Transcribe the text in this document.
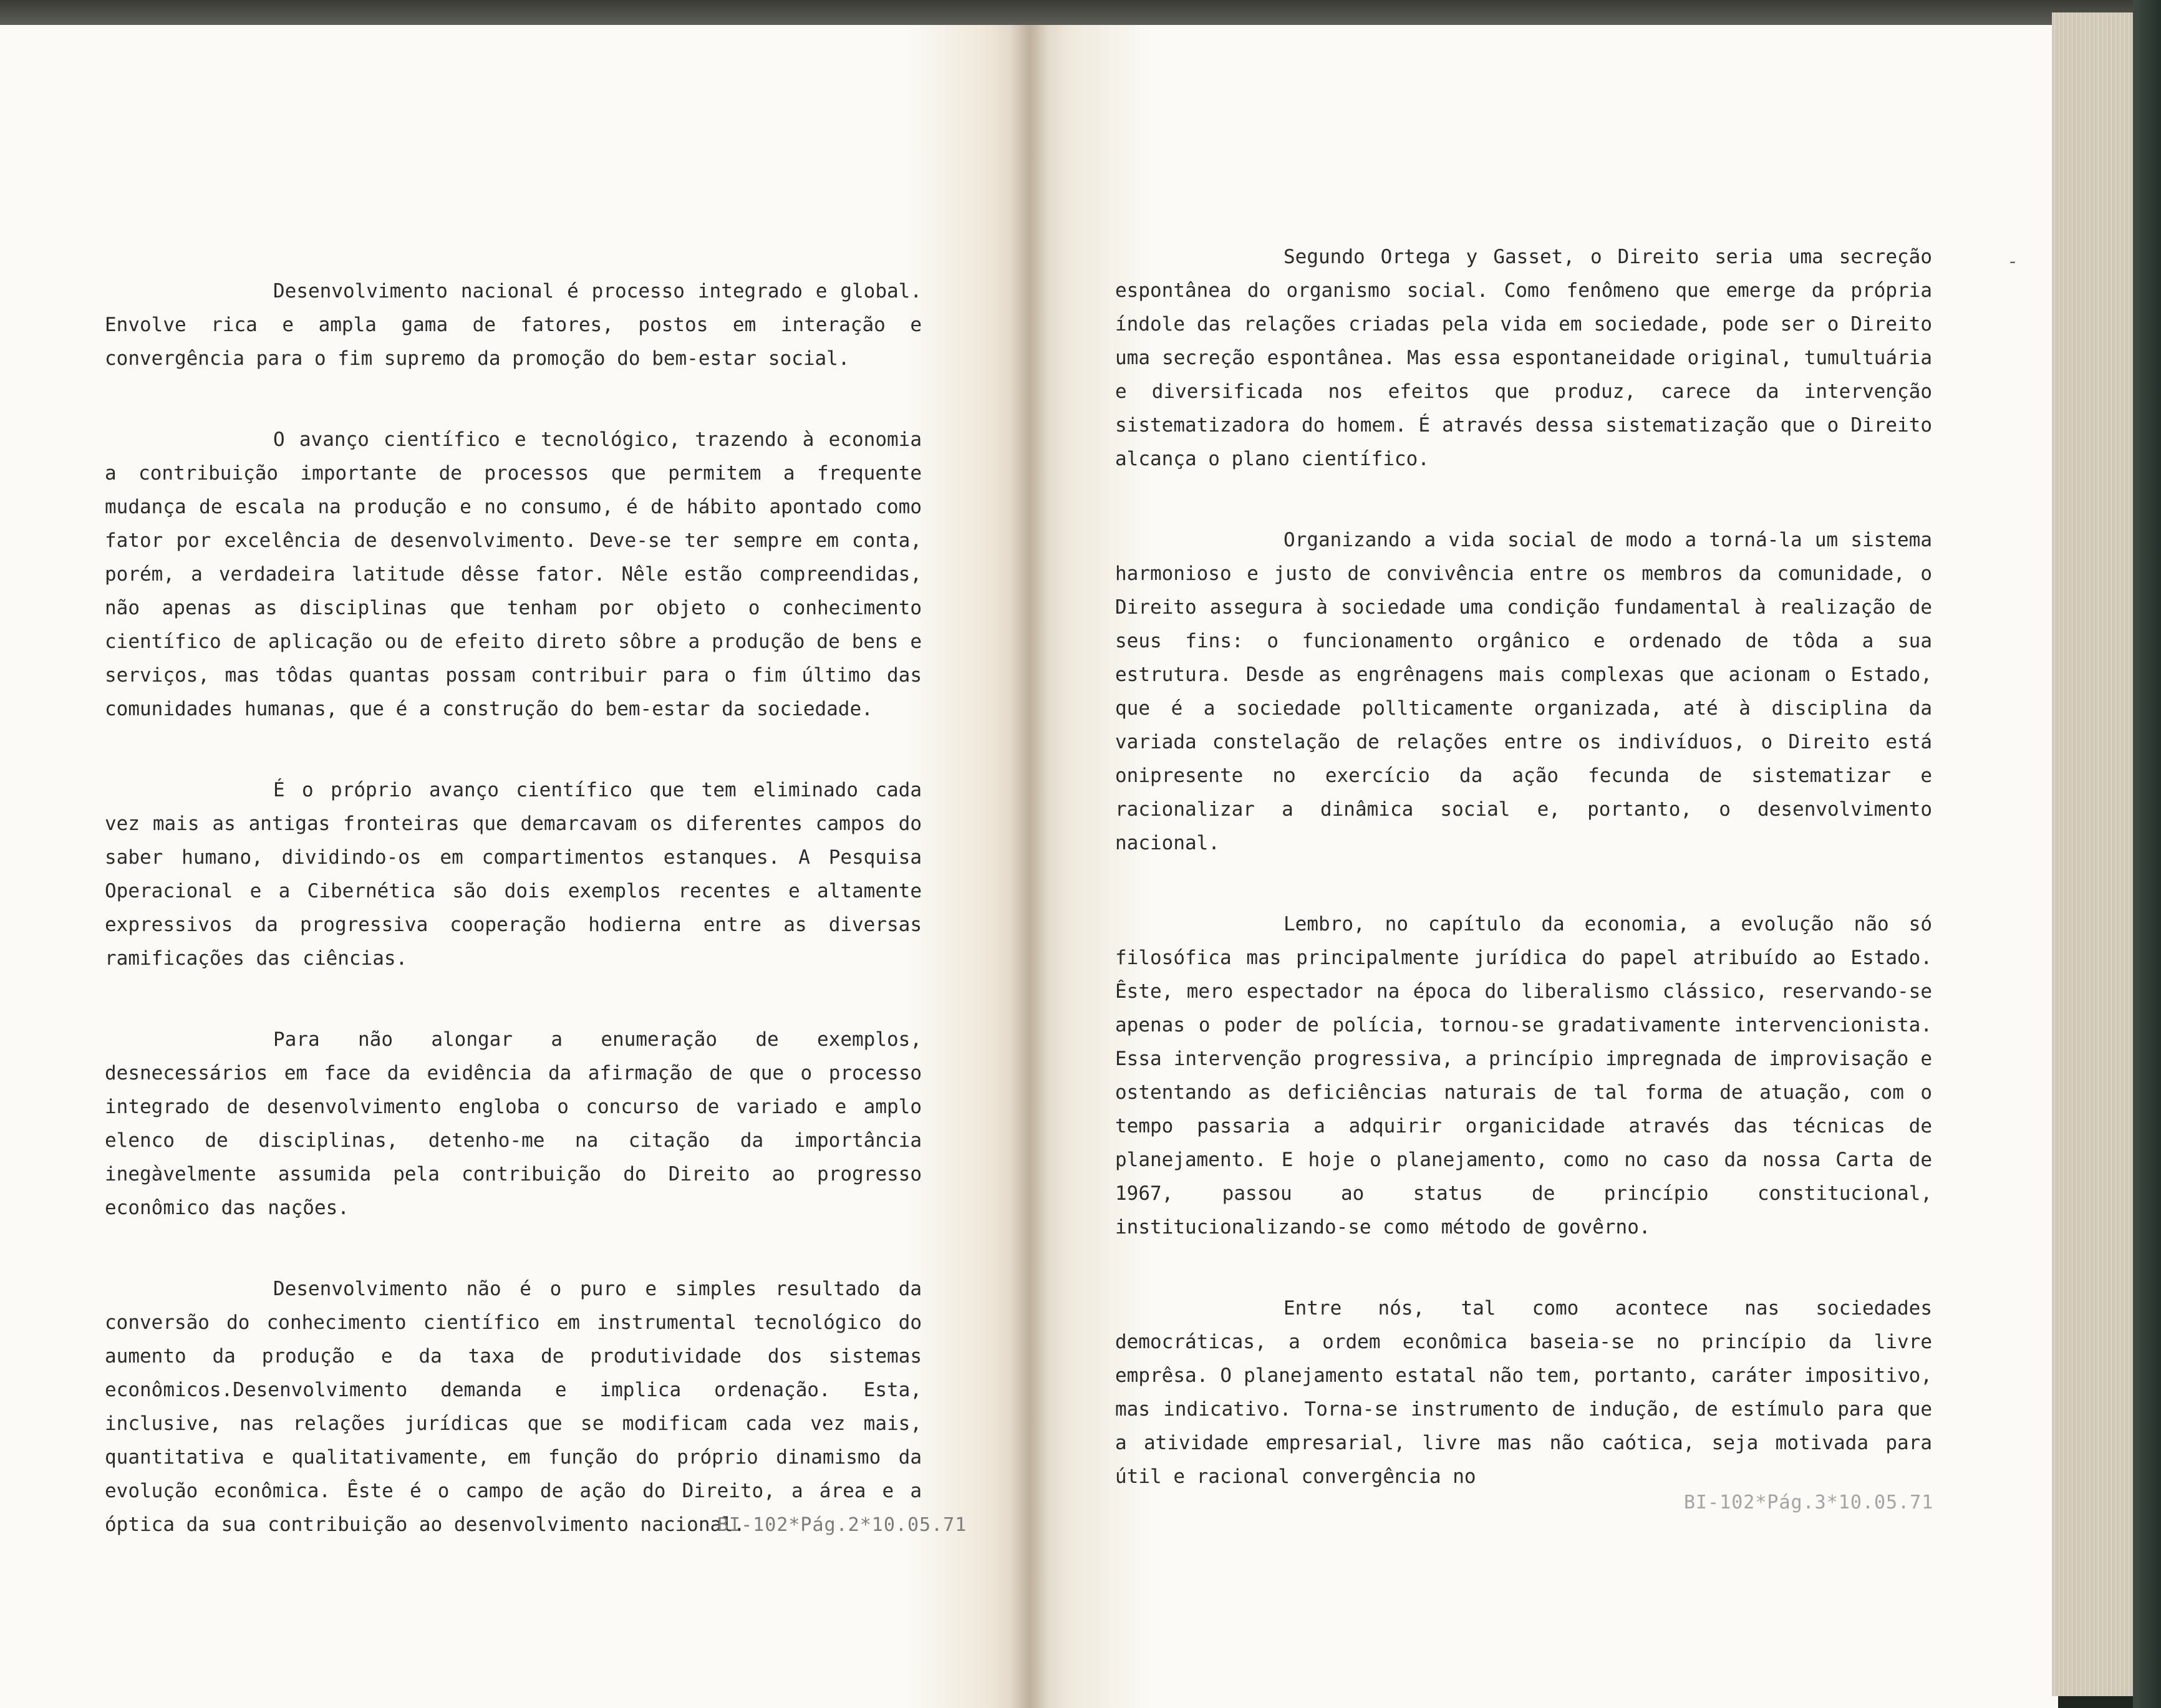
Desenvolvimento nacional é processo integrado e global. Envolve rica e ampla gama de fatores, postos em interação e convergência para o fim supremo da promoção do bem-estar social.

O avanço científico e tecnológico, trazendo à economia a contribuição importante de processos que permitem a frequente mudança de escala na produção e no consumo, é de hábito apontado como fator por excelência de desenvolvimento. Deve-se ter sempre em conta, porém, a verdadeira latitude dêsse fator. Nêle estão compreendidas, não apenas as disciplinas que tenham por objeto o conhecimento científico de aplicação ou de efeito direto sôbre a produção de bens e serviços, mas tôdas quantas possam contribuir para o fim último das comunidades humanas, que é a construção do bem-estar da sociedade.

É o próprio avanço científico que tem eliminado cada vez mais as antigas fronteiras que demarcavam os diferentes campos do saber humano, dividindo-os em compartimentos estanques. A Pesquisa Operacional e a Cibernética são dois exemplos recentes e altamente expressivos da progressiva cooperação hodierna entre as diversas ramificações das ciências.

Para não alongar a enumeração de exemplos, desnecessários em face da evidência da afirmação de que o processo integrado de desenvolvimento engloba o concurso de variado e amplo elenco de disciplinas, detenho-me na citação da importância inegàvelmente assumida pela contribuição do Direito ao progresso econômico das nações.

Desenvolvimento não é o puro e simples resultado da conversão do conhecimento científico em instrumental tecnológico do aumento da produção e da taxa de produtividade dos sistemas econômicos.Desenvolvimento demanda e implica ordenação. Esta, inclusive, nas relações jurídicas que se modificam cada vez mais, quantitativa e qualitativamente, em função do próprio dinamismo da evolução econômica. Êste é o campo de ação do Direito, a área e a óptica da sua contribuição ao desenvolvimento nacional.

BI-102*Pág.2*10.05.71

Segundo Ortega y Gasset, o Direito seria uma secreção espontânea do organismo social. Como fenômeno que emerge da própria índole das relações criadas pela vida em sociedade, pode ser o Direito uma secreção espontânea. Mas essa espontaneidade original, tumultuária e diversificada nos efeitos que produz, carece da intervenção sistematizadora do homem. É através dessa sistematização que o Direito alcança o plano científico.

Organizando a vida social de modo a torná-la um sistema harmonioso e justo de convivência entre os membros da comunidade, o Direito assegura à sociedade uma condição fundamental à realização de seus fins: o funcionamento orgânico e ordenado de tôda a sua estrutura. Desde as engrênagens mais complexas que acionam o Estado, que é a sociedade pollticamente organizada, até à disciplina da variada constelação de relações entre os indivíduos, o Direito está onipresente no exercício da ação fecunda de sistematizar e racionalizar a dinâmica social e, portanto, o desenvolvimento nacional.

Lembro, no capítulo da economia, a evolução não só filosófica mas principalmente jurídica do papel atribuído ao Estado. Êste, mero espectador na época do liberalismo clássico, reservando-se apenas o poder de polícia, tornou-se gradativamente intervencionista. Essa intervenção progressiva, a princípio impregnada de improvisação e ostentando as deficiências naturais de tal forma de atuação, com o tempo passaria a adquirir organicidade através das técnicas de planejamento. E hoje o planejamento, como no caso da nossa Carta de 1967, passou ao status de princípio constitucional, institucionalizando-se como método de govêrno.

Entre nós, tal como acontece nas sociedades democráticas, a ordem econômica baseia-se no princípio da livre emprêsa. O planejamento estatal não tem, portanto, caráter impositivo, mas indicativo. Torna-se instrumento de indução, de estímulo para que a atividade empresarial, livre mas não caótica, seja motivada para útil e racional convergência no

-
BI-102*Pág.3*10.05.71
